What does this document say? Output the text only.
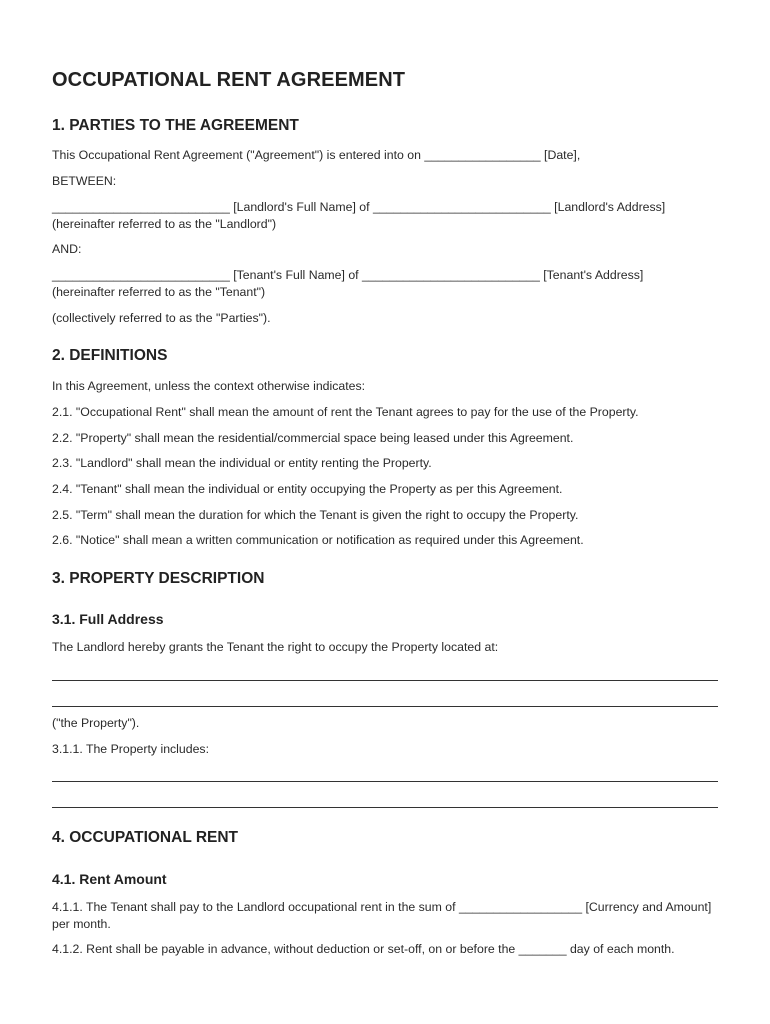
OCCUPATIONAL RENT AGREEMENT
1. PARTIES TO THE AGREEMENT
This Occupational Rent Agreement ("Agreement") is entered into on _________________ [Date],
BETWEEN:
__________________________ [Landlord's Full Name] of __________________________ [Landlord's Address]
(hereinafter referred to as the "Landlord")
AND:
__________________________ [Tenant's Full Name] of __________________________ [Tenant's Address]
(hereinafter referred to as the "Tenant")
(collectively referred to as the "Parties").
2. DEFINITIONS
In this Agreement, unless the context otherwise indicates:
2.1. "Occupational Rent" shall mean the amount of rent the Tenant agrees to pay for the use of the Property.
2.2. "Property" shall mean the residential/commercial space being leased under this Agreement.
2.3. "Landlord" shall mean the individual or entity renting the Property.
2.4. "Tenant" shall mean the individual or entity occupying the Property as per this Agreement.
2.5. "Term" shall mean the duration for which the Tenant is given the right to occupy the Property.
2.6. "Notice" shall mean a written communication or notification as required under this Agreement.
3. PROPERTY DESCRIPTION
3.1. Full Address
The Landlord hereby grants the Tenant the right to occupy the Property located at:
("the Property").
3.1.1. The Property includes:
4. OCCUPATIONAL RENT
4.1. Rent Amount
4.1.1. The Tenant shall pay to the Landlord occupational rent in the sum of __________________ [Currency and Amount] per month.
4.1.2. Rent shall be payable in advance, without deduction or set-off, on or before the _______ day of each month.
